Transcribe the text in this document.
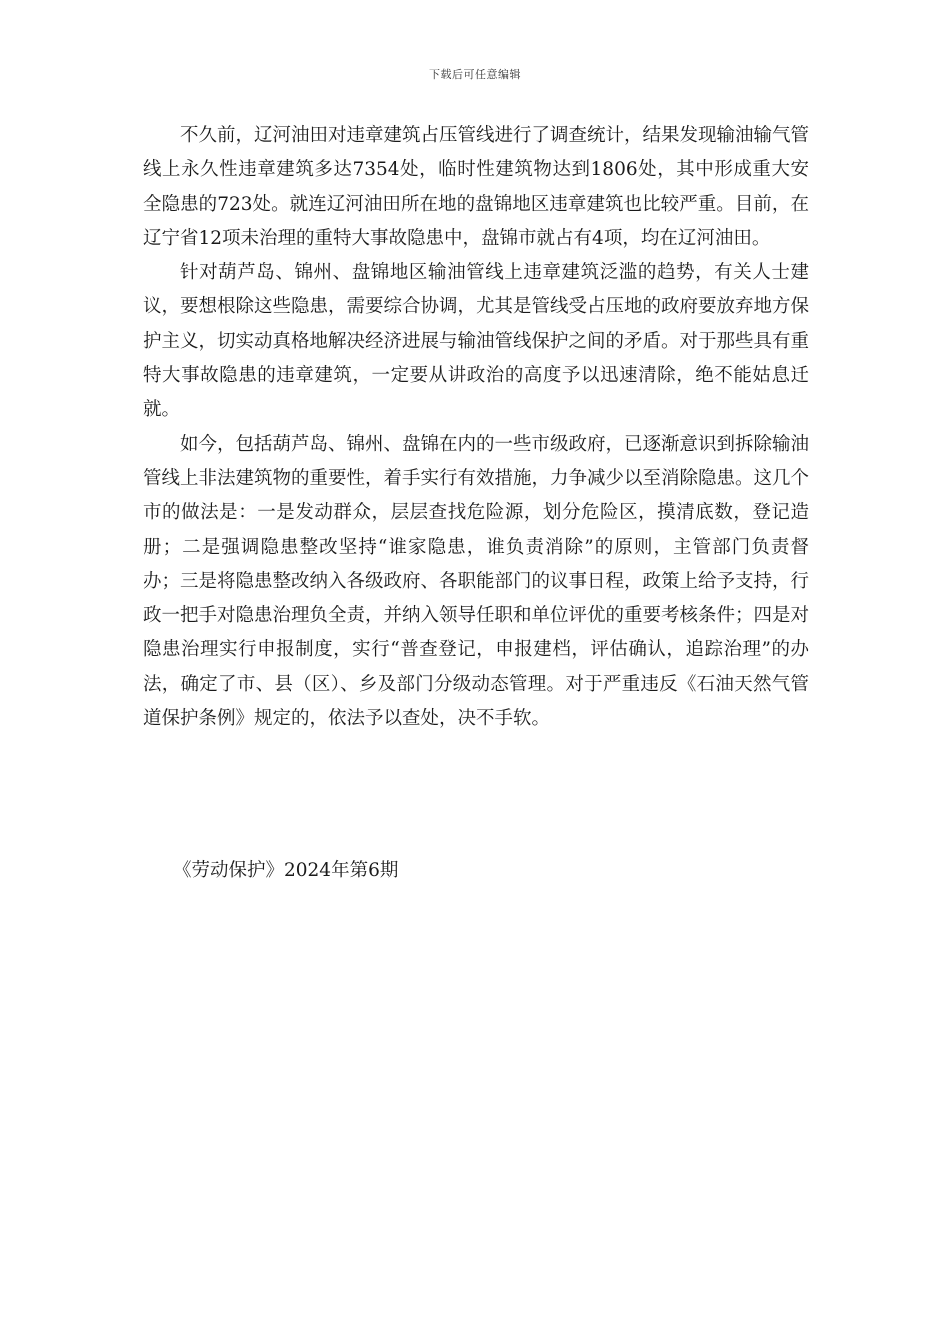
下载后可任意编辑

不久前，辽河油田对违章建筑占压管线进行了调查统计，结果发现输油输气管线上永久性违章建筑多达7354处，临时性建筑物达到1806处，其中形成重大安全隐患的723处。就连辽河油田所在地的盘锦地区违章建筑也比较严重。目前，在辽宁省12项未治理的重特大事故隐患中，盘锦市就占有4项，均在辽河油田。

针对葫芦岛、锦州、盘锦地区输油管线上违章建筑泛滥的趋势，有关人士建议，要想根除这些隐患，需要综合协调，尤其是管线受占压地的政府要放弃地方保护主义，切实动真格地解决经济进展与输油管线保护之间的矛盾。对于那些具有重特大事故隐患的违章建筑，一定要从讲政治的高度予以迅速清除，绝不能姑息迁就。

如今，包括葫芦岛、锦州、盘锦在内的一些市级政府，已逐渐意识到拆除输油管线上非法建筑物的重要性，着手实行有效措施，力争减少以至消除隐患。这几个市的做法是：一是发动群众，层层查找危险源，划分危险区，摸清底数，登记造册；二是强调隐患整改坚持“谁家隐患，谁负责消除”的原则，主管部门负责督办；三是将隐患整改纳入各级政府、各职能部门的议事日程，政策上给予支持，行政一把手对隐患治理负全责，并纳入领导任职和单位评优的重要考核条件；四是对隐患治理实行申报制度，实行“普查登记，申报建档，评估确认，追踪治理”的办法，确定了市、县（区）、乡及部门分级动态管理。对于严重违反《石油天然气管道保护条例》规定的，依法予以查处，决不手软。

《劳动保护》2024年第6期
